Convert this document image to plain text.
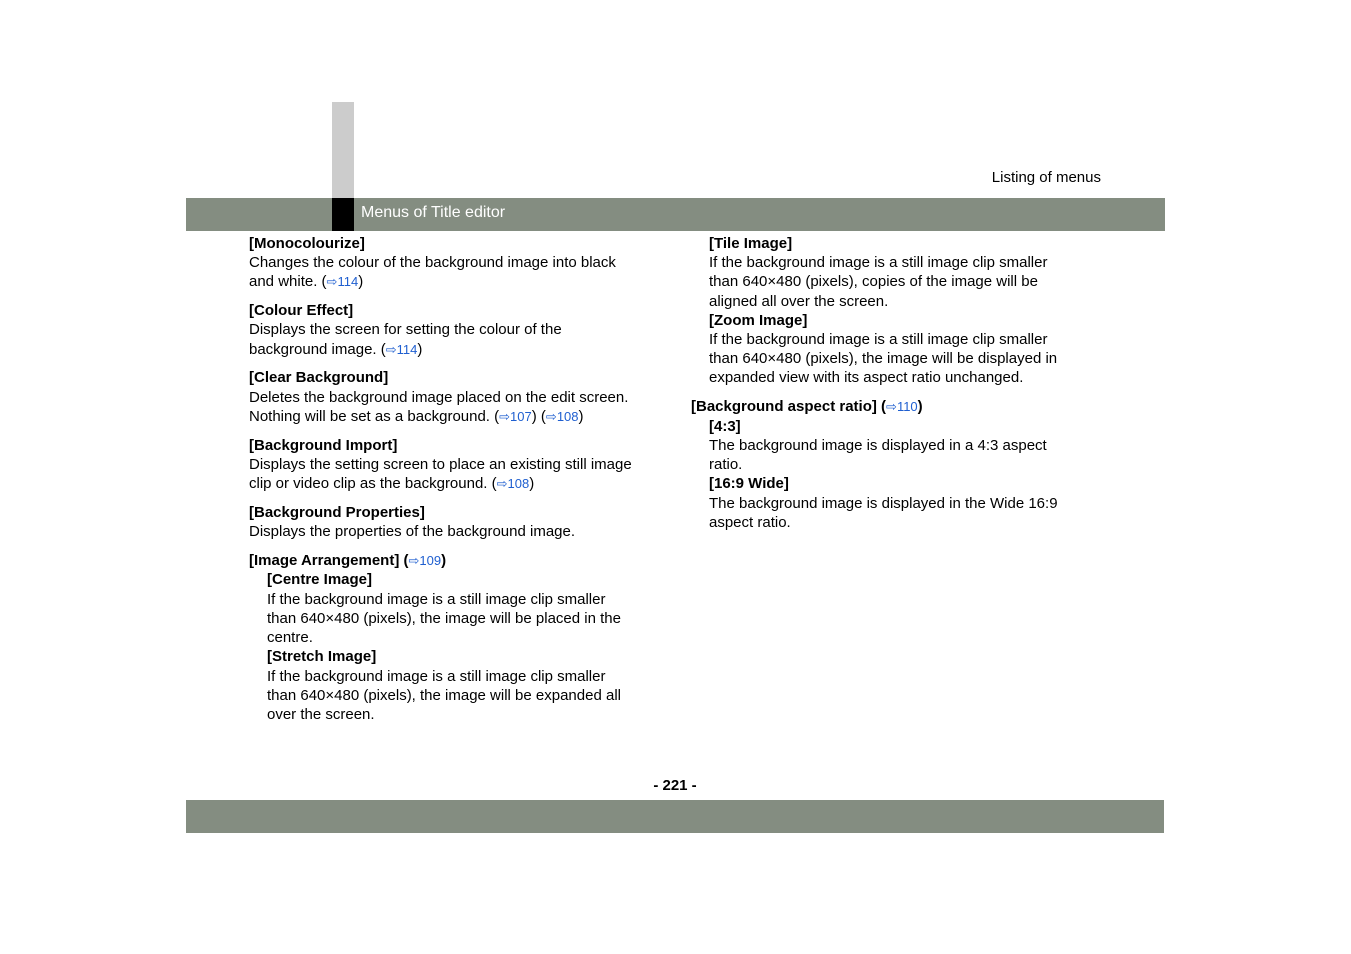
Menus of Title editor
Listing of menus
[Monocolourize]
Changes the colour of the background image into black
and white. (⇨114)
[Colour Effect]
Displays the screen for setting the colour of the
background image. (⇨114)
[Clear Background]
Deletes the background image placed on the edit screen.
Nothing will be set as a background. (⇨107) (⇨108)
[Background Import]
Displays the setting screen to place an existing still image
clip or video clip as the background. (⇨108)
[Background Properties]
Displays the properties of the background image.
[Image Arrangement] (⇨109)
[Centre Image]
If the background image is a still image clip smaller
than 640×480 (pixels), the image will be placed in the
centre.
[Stretch Image]
If the background image is a still image clip smaller
than 640×480 (pixels), the image will be expanded all
over the screen.
[Tile Image]
If the background image is a still image clip smaller
than 640×480 (pixels), copies of the image will be
aligned all over the screen.
[Zoom Image]
If the background image is a still image clip smaller
than 640×480 (pixels), the image will be displayed in
expanded view with its aspect ratio unchanged.
[Background aspect ratio] (⇨110)
[4:3]
The background image is displayed in a 4:3 aspect
ratio.
[16:9 Wide]
The background image is displayed in the Wide 16:9
aspect ratio.
- 221 -
